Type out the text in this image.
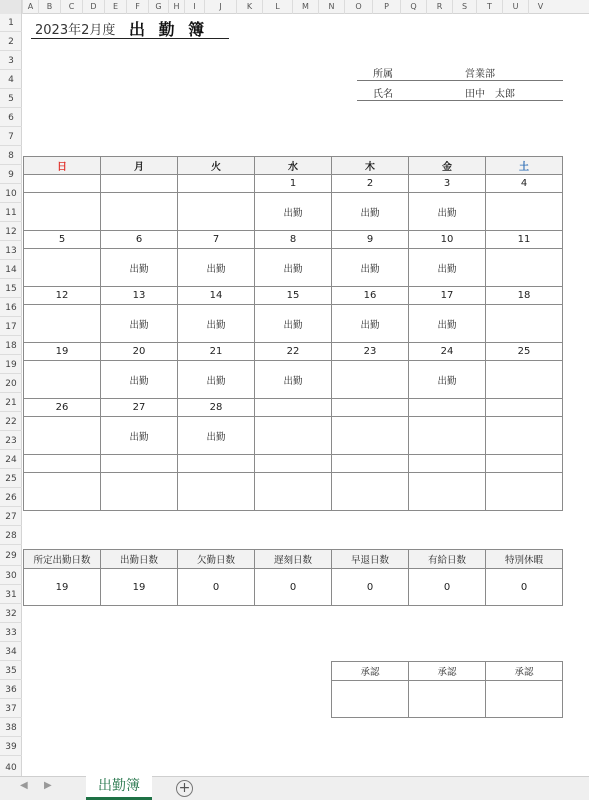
A	B	C	D	E	F	G	H	I	J	K	L	M	N	O	P	Q	R	S	T	U	V
1
2
3
4
5
6
7
8
9
10
11
12
13
14
15
16
17
18
19
20
21
22
23
24
25
26
27
28
29
30
31
32
33
34
35
36
37
38
39
40
2023年2月度 出 勤 簿
所属	営業部
氏名	田中　太郎
日	月	火	水	木	金	土
			1	2	3	4
			出勤	出勤	出勤	
5	6	7	8	9	10	11
	出勤	出勤	出勤	出勤	出勤	
12	13	14	15	16	17	18
	出勤	出勤	出勤	出勤	出勤	
19	20	21	22	23	24	25
	出勤	出勤	出勤		出勤	
26	27	28				
	出勤	出勤				

所定出勤日数	出勤日数	欠勤日数	遅刻日数	早退日数	有給日数	特別休暇
19	19	0	0	0	0	0
承認	承認	承認

◀ ▶	出勤簿	+
